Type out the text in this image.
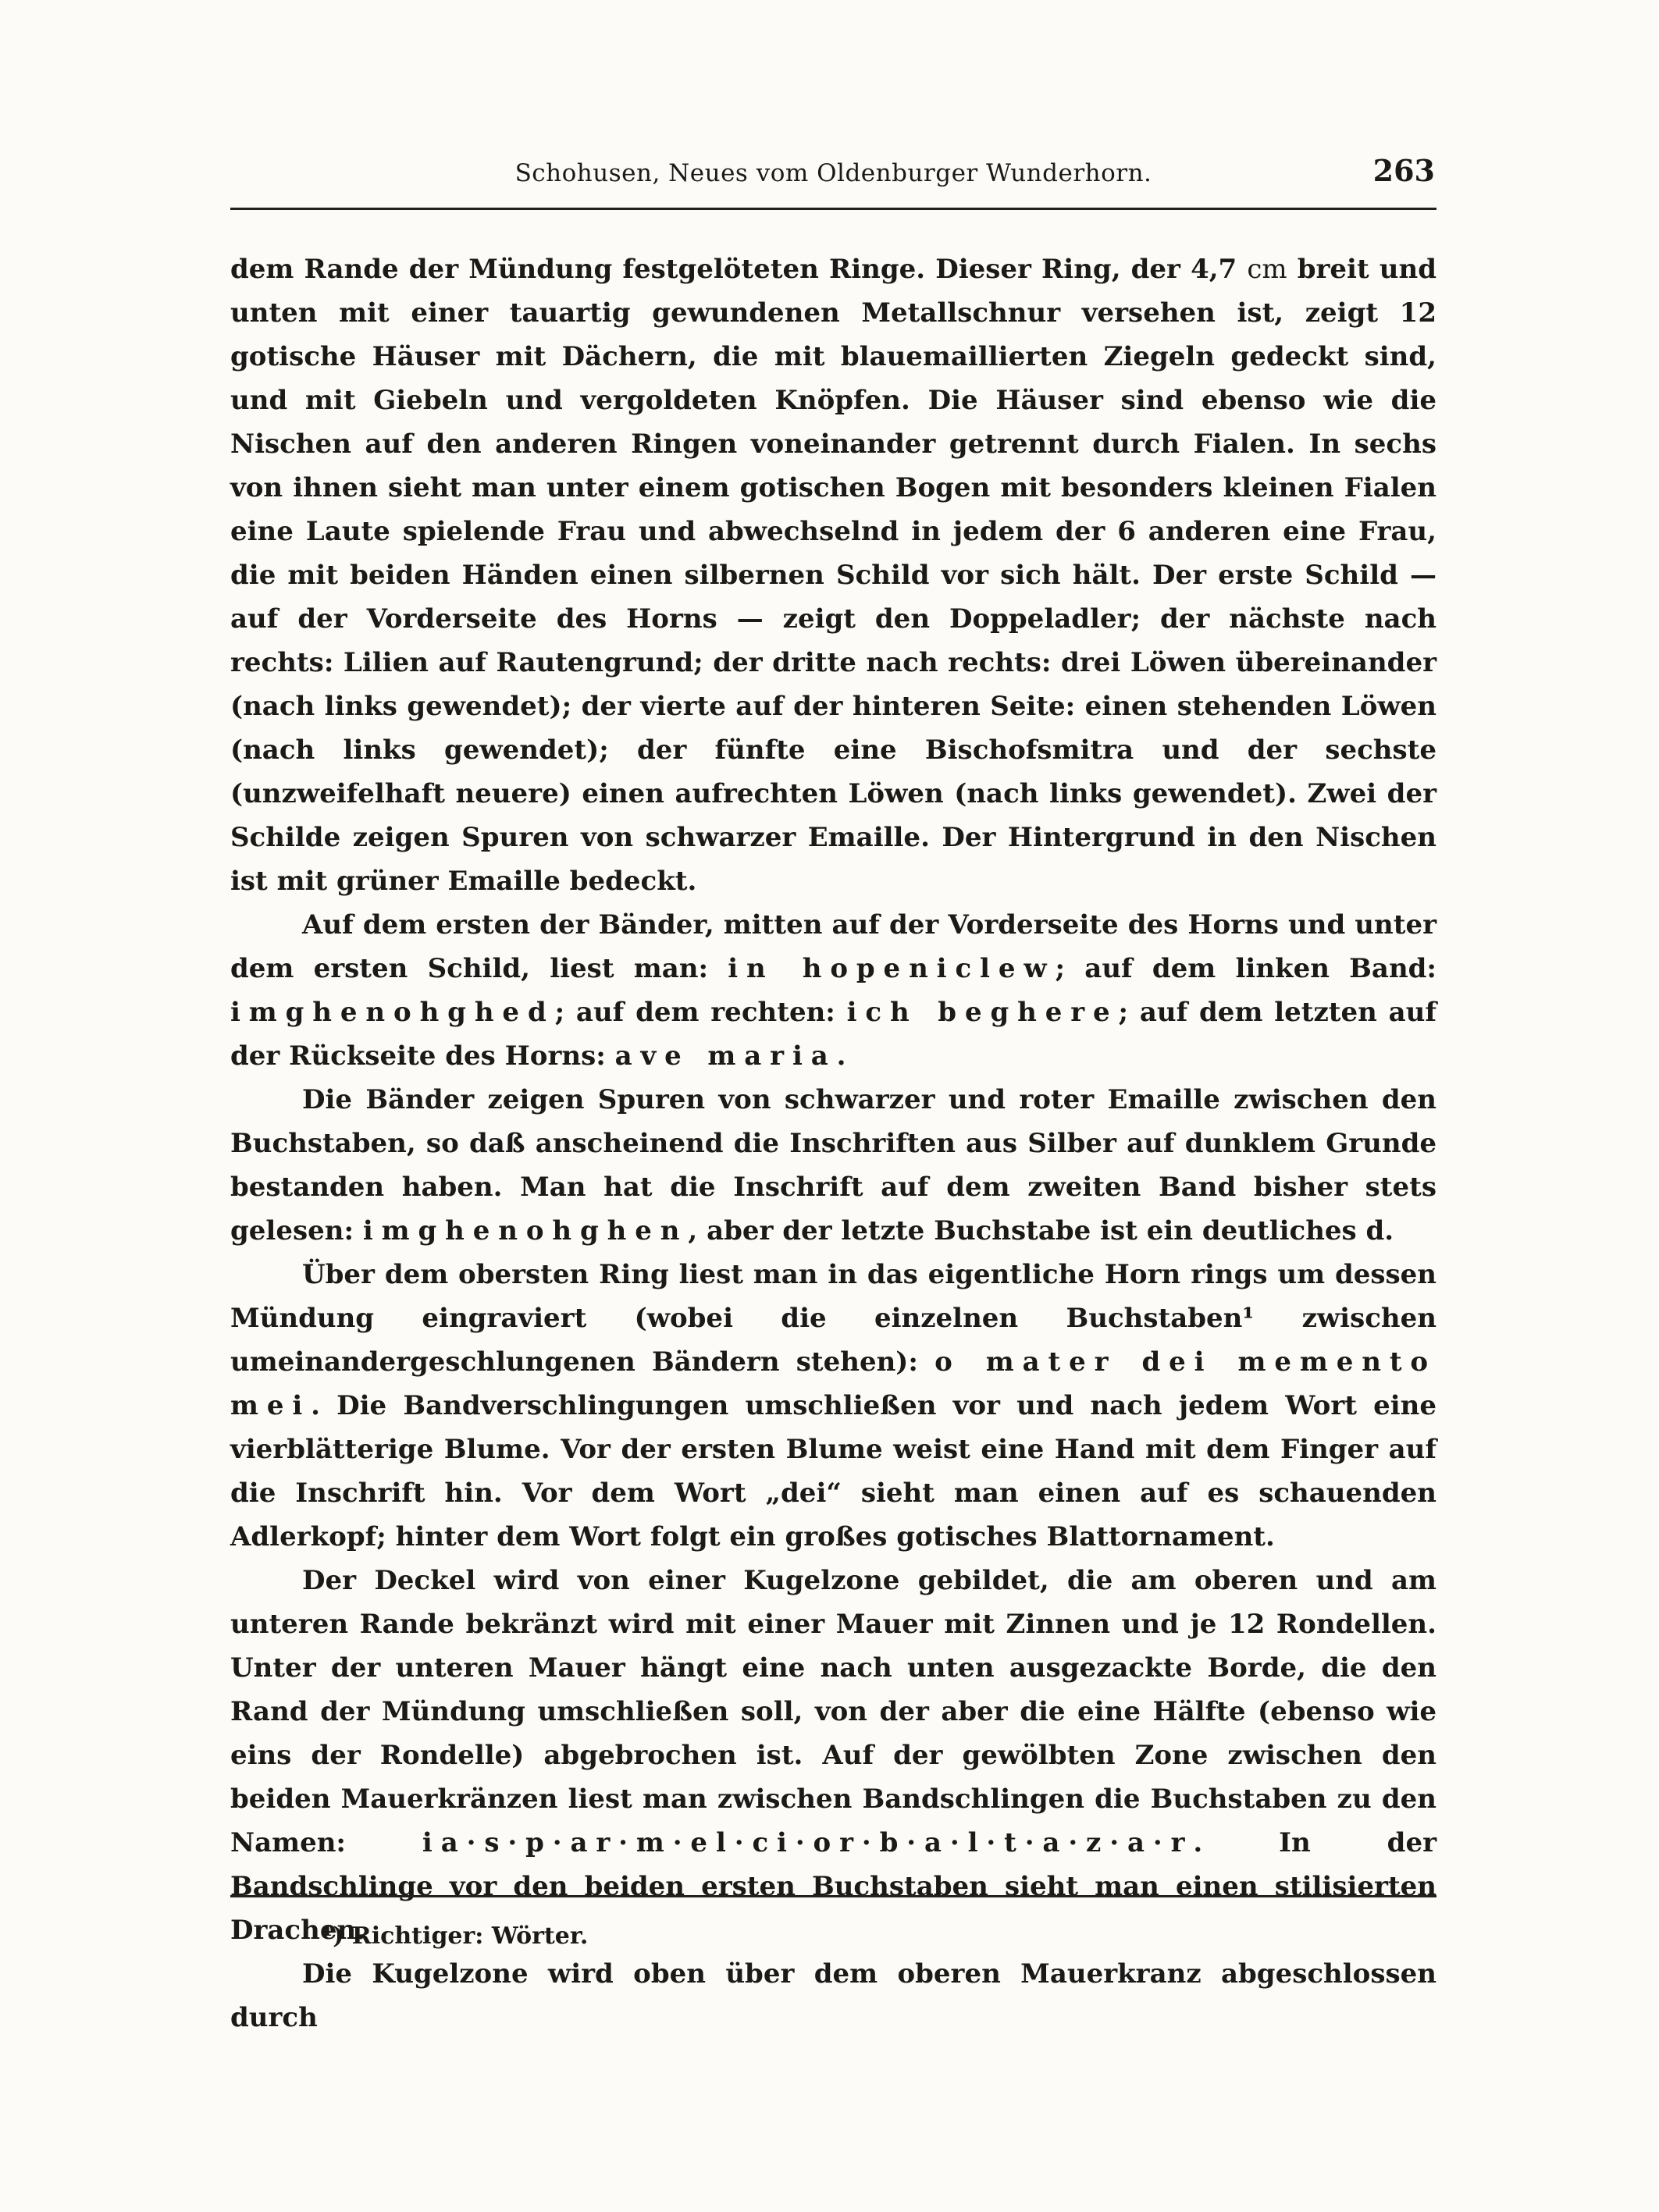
Schohusen, Neues vom Oldenburger Wunderhorn.	263

dem Rande der Mündung festgelöteten Ringe. Dieser Ring, der 4,7 cm breit und unten mit einer tauartig gewundenen Metallschnur versehen ist, zeigt 12 gotische Häuser mit Dächern, die mit blauemaillierten Ziegeln gedeckt sind, und mit Giebeln und vergoldeten Knöpfen. Die Häuser sind ebenso wie die Nischen auf den anderen Ringen voneinander getrennt durch Fialen. In sechs von ihnen sieht man unter einem gotischen Bogen mit besonders kleinen Fialen eine Laute spielende Frau und abwechselnd in jedem der 6 anderen eine Frau, die mit beiden Händen einen silbernen Schild vor sich hält. Der erste Schild — auf der Vorderseite des Horns — zeigt den Doppeladler; der nächste nach rechts: Lilien auf Rautengrund; der dritte nach rechts: drei Löwen übereinander (nach links gewendet); der vierte auf der hinteren Seite: einen stehenden Löwen (nach links gewendet); der fünfte eine Bischofsmitra und der sechste (unzweifelhaft neuere) einen aufrechten Löwen (nach links gewendet). Zwei der Schilde zeigen Spuren von schwarzer Emaille. Der Hintergrund in den Nischen ist mit grüner Emaille bedeckt.

Auf dem ersten der Bänder, mitten auf der Vorderseite des Horns und unter dem ersten Schild, liest man: in hopeniclew; auf dem linken Band: imghenohghed; auf dem rechten: ich beghere; auf dem letzten auf der Rückseite des Horns: ave maria.

Die Bänder zeigen Spuren von schwarzer und roter Emaille zwischen den Buchstaben, so daß anscheinend die Inschriften aus Silber auf dunklem Grunde bestanden haben. Man hat die Inschrift auf dem zweiten Band bisher stets gelesen: imghenohghen, aber der letzte Buchstabe ist ein deutliches d.

Über dem obersten Ring liest man in das eigentliche Horn rings um dessen Mündung eingraviert (wobei die einzelnen Buchstaben¹ zwischen umeinandergeschlungenen Bändern stehen): o mater dei memento mei. Die Bandverschlingungen umschließen vor und nach jedem Wort eine vierblätterige Blume. Vor der ersten Blume weist eine Hand mit dem Finger auf die Inschrift hin. Vor dem Wort „dei“ sieht man einen auf es schauenden Adlerkopf; hinter dem Wort folgt ein großes gotisches Blattornament.

Der Deckel wird von einer Kugelzone gebildet, die am oberen und am unteren Rande bekränzt wird mit einer Mauer mit Zinnen und je 12 Rondellen. Unter der unteren Mauer hängt eine nach unten ausgezackte Borde, die den Rand der Mündung umschließen soll, von der aber die eine Hälfte (ebenso wie eins der Rondelle) abgebrochen ist. Auf der gewölbten Zone zwischen den beiden Mauerkränzen liest man zwischen Bandschlingen die Buchstaben zu den Namen: ia·s·p·ar·m·el·ci·or·b·a·l·t·a·z·a·r. In der Bandschlinge vor den beiden ersten Buchstaben sieht man einen stilisierten Drachen.

Die Kugelzone wird oben über dem oberen Mauerkranz abgeschlossen durch

¹) Richtiger: Wörter.
